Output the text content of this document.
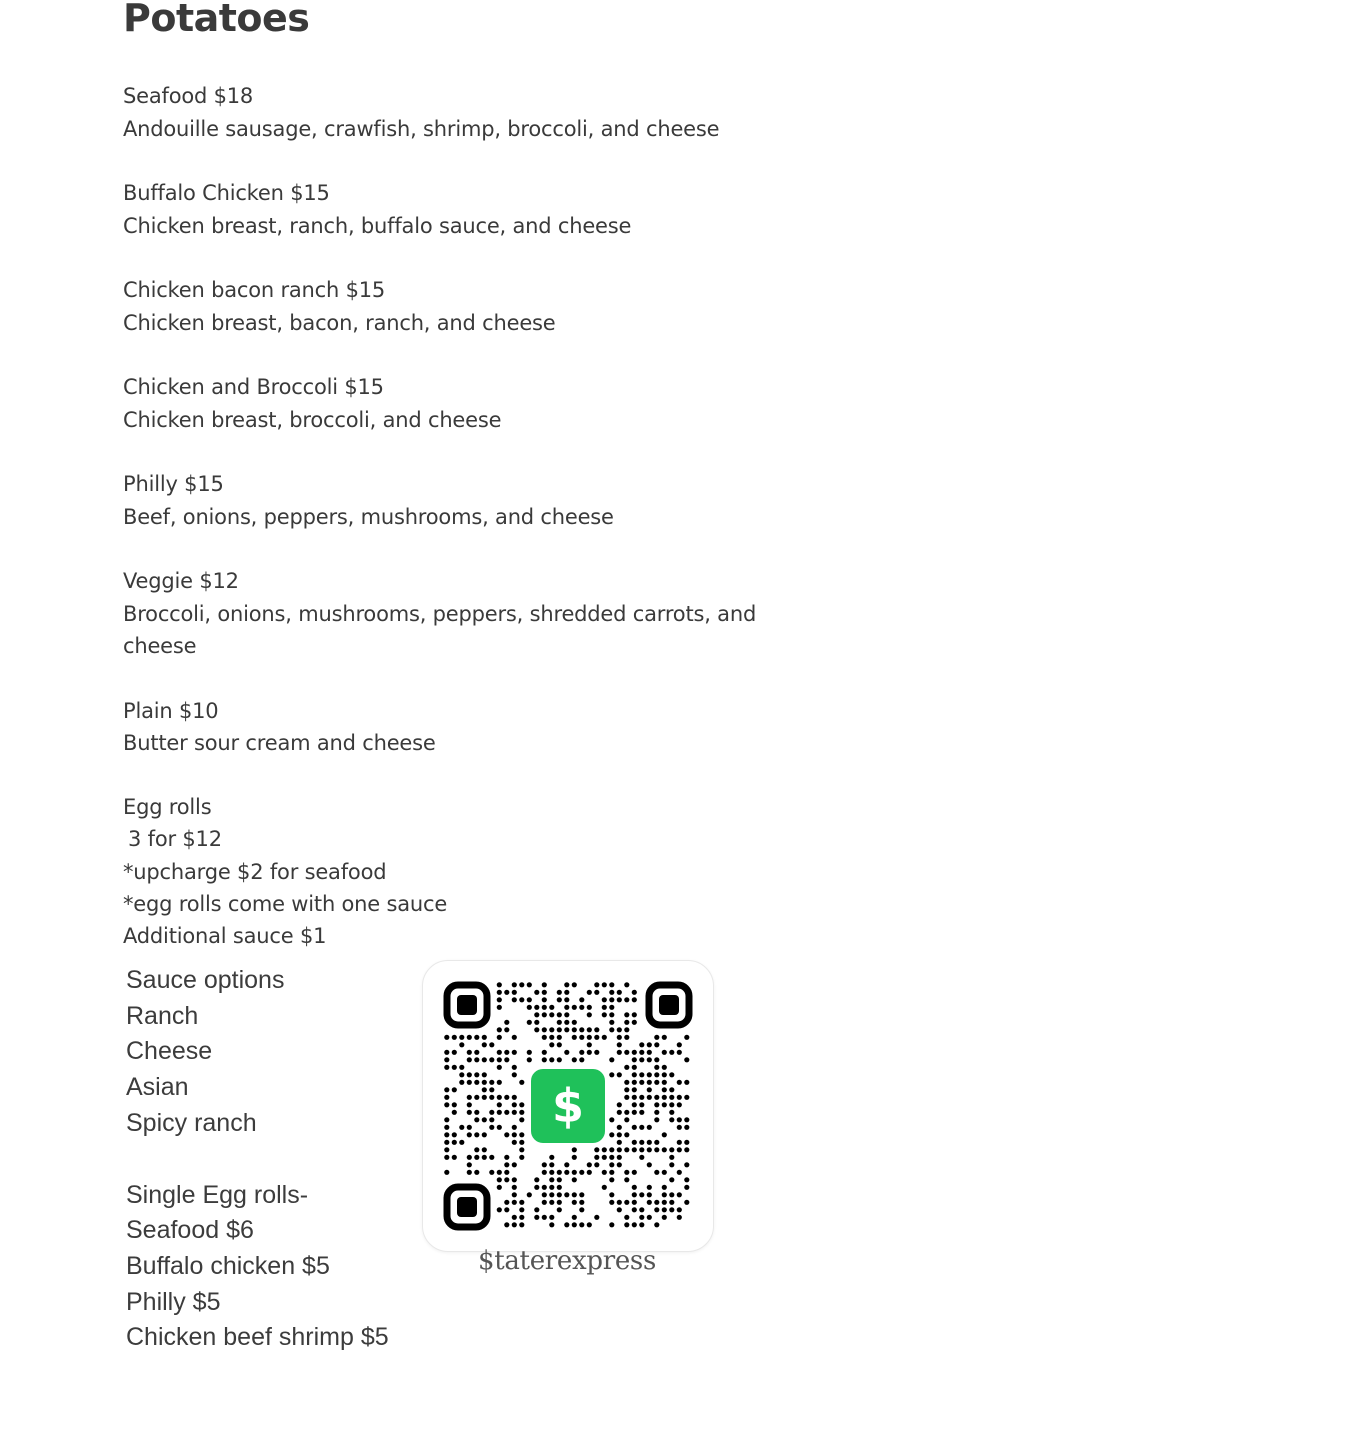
Potatoes
Seafood $18
Andouille sausage, crawfish, shrimp, broccoli, and cheese
Buffalo Chicken $15
Chicken breast, ranch, buffalo sauce, and cheese
Chicken bacon ranch $15
Chicken breast, bacon, ranch, and cheese
Chicken and Broccoli $15
Chicken breast, broccoli, and cheese
Philly $15
Beef, onions, peppers, mushrooms, and cheese
Veggie $12
Broccoli, onions, mushrooms, peppers, shredded carrots, and cheese
Plain $10
Butter sour cream and cheese
Egg rolls
3 for $12
*upcharge $2 for seafood
*egg rolls come with one sauce
Additional sauce $1
Sauce options
Ranch
Cheese
Asian
Spicy ranch
Single Egg rolls-
Seafood $6
Buffalo chicken $5
Philly $5
Chicken beef shrimp $5
$
$taterexpress
